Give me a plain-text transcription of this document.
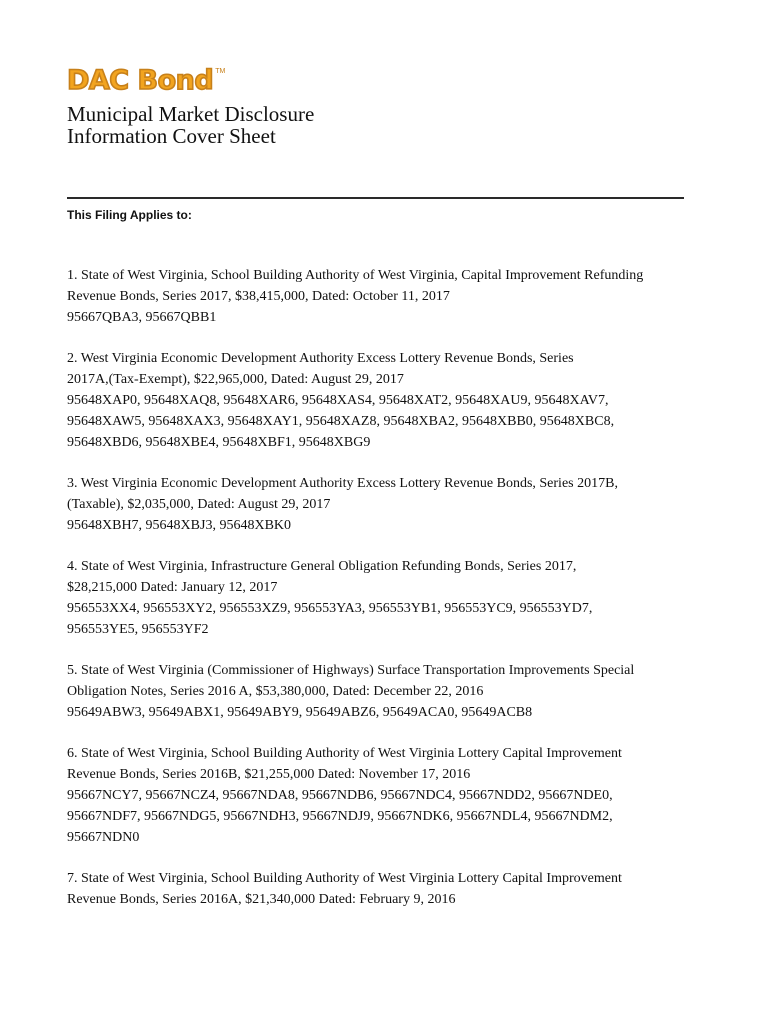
DAC Bond TM
Municipal Market Disclosure
Information Cover Sheet
This Filing Applies to:

1. State of West Virginia, School Building Authority of West Virginia, Capital Improvement Refunding

Revenue Bonds, Series 2017, $38,415,000, Dated: October 11, 2017

95667QBA3, 95667QBB1

2. West Virginia Economic Development Authority Excess Lottery Revenue Bonds, Series

2017A,(Tax-Exempt), $22,965,000, Dated: August 29, 2017

95648XAP0, 95648XAQ8, 95648XAR6, 95648XAS4, 95648XAT2, 95648XAU9, 95648XAV7,

95648XAW5, 95648XAX3, 95648XAY1, 95648XAZ8, 95648XBA2, 95648XBB0, 95648XBC8,

95648XBD6, 95648XBE4, 95648XBF1, 95648XBG9

3. West Virginia Economic Development Authority Excess Lottery Revenue Bonds, Series 2017B,

(Taxable), $2,035,000, Dated: August 29, 2017

95648XBH7, 95648XBJ3, 95648XBK0

4. State of West Virginia, Infrastructure General Obligation Refunding Bonds, Series 2017,

$28,215,000 Dated: January 12, 2017

956553XX4, 956553XY2, 956553XZ9, 956553YA3, 956553YB1, 956553YC9, 956553YD7,

956553YE5, 956553YF2

5. State of West Virginia (Commissioner of Highways) Surface Transportation Improvements Special

Obligation Notes, Series 2016 A, $53,380,000, Dated: December 22, 2016

95649ABW3, 95649ABX1, 95649ABY9, 95649ABZ6, 95649ACA0, 95649ACB8

6. State of West Virginia, School Building Authority of West Virginia Lottery Capital Improvement

Revenue Bonds, Series 2016B, $21,255,000 Dated: November 17, 2016

95667NCY7, 95667NCZ4, 95667NDA8, 95667NDB6, 95667NDC4, 95667NDD2, 95667NDE0,

95667NDF7, 95667NDG5, 95667NDH3, 95667NDJ9, 95667NDK6, 95667NDL4, 95667NDM2,

95667NDN0

7. State of West Virginia, School Building Authority of West Virginia Lottery Capital Improvement

Revenue Bonds, Series 2016A, $21,340,000 Dated: February 9, 2016
